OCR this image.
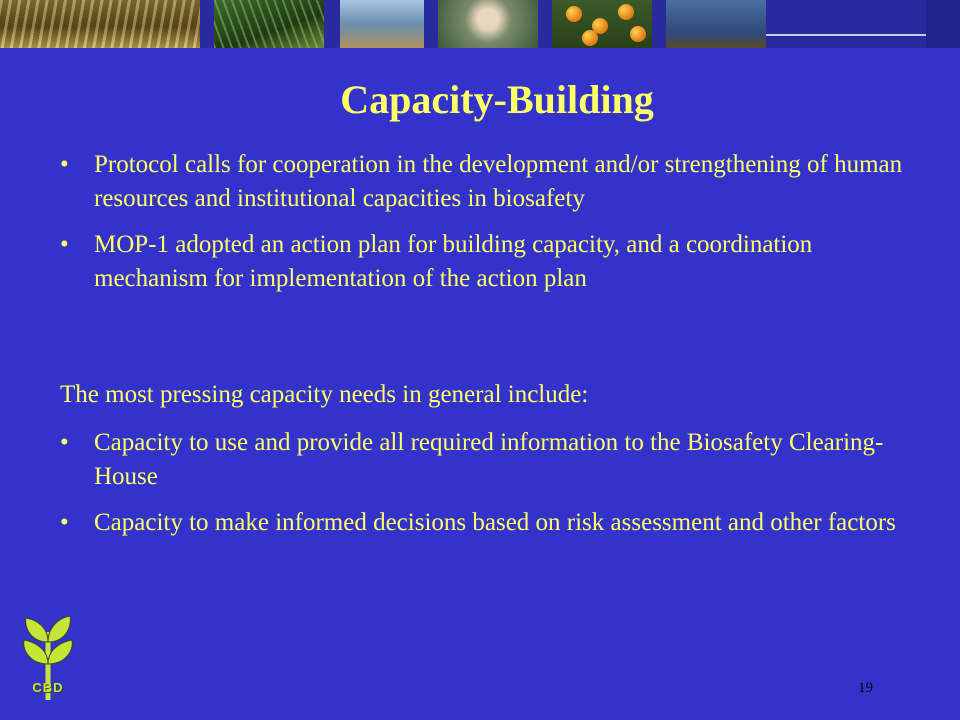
Capacity-Building
•	Protocol calls for cooperation in the development and/or strengthening of human resources and institutional capacities in biosafety
•	MOP-1 adopted an action plan for building capacity, and a coordination mechanism for implementation of the action plan

The most pressing capacity needs in general include:

•	Capacity to use and provide all required information to the Biosafety Clearing-House
•	Capacity to make informed decisions based on risk assessment and other factors
CBD	19
